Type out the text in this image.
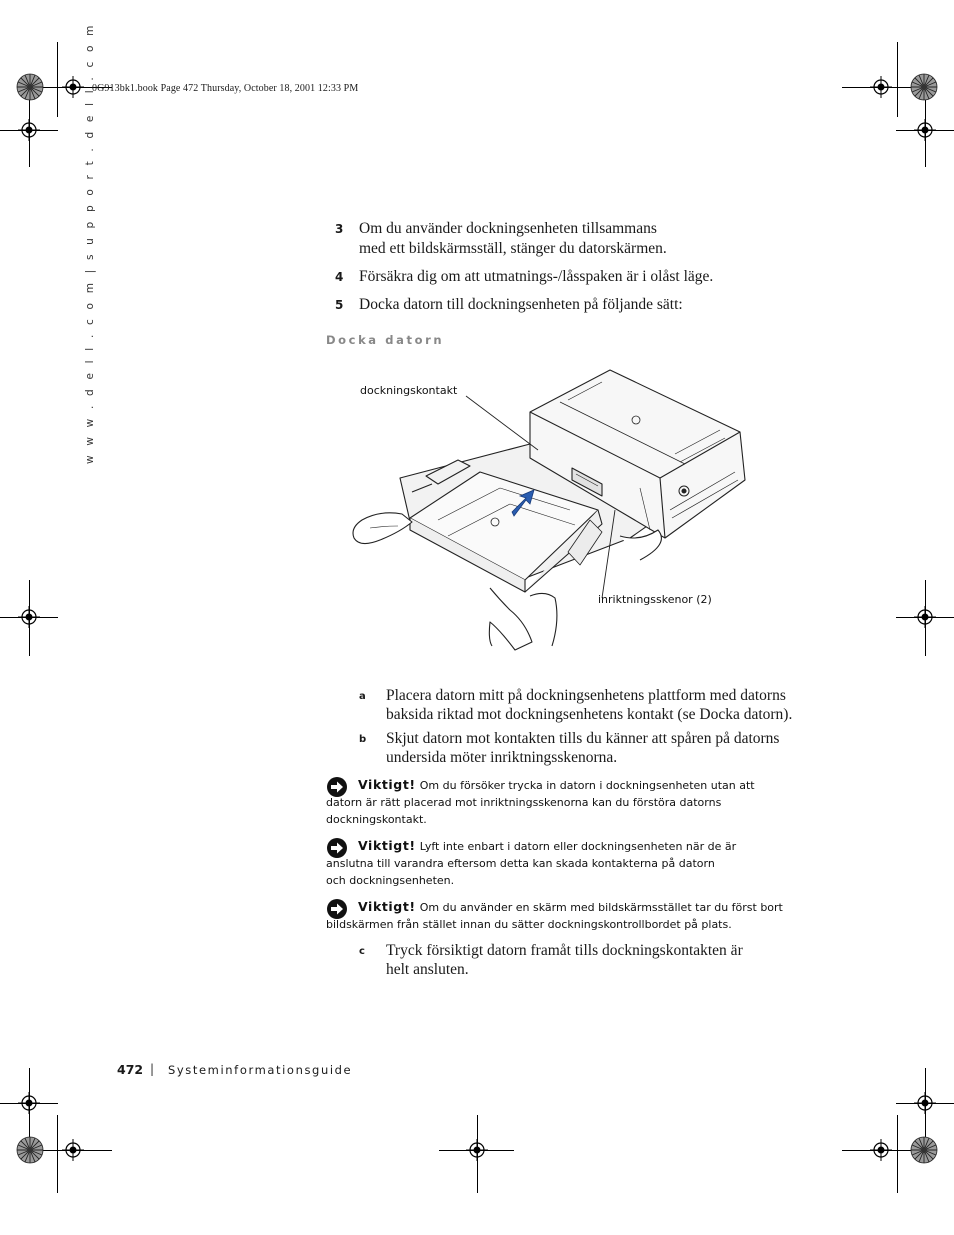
0G913bk1.book Page 472 Thursday, October 18, 2001 12:33 PM
w w w . d e l l . c o m | s u p p o r t . d e l l . c o m	3	Om du använder dockningsenheten tillsammans
med ett bildskärmsställ, stänger du datorskärmen.
4	Försäkra dig om att utmatnings-/låsspaken är i olåst läge.
5	Docka datorn till dockningsenheten på följande sätt:
Docka datorn
dockningskontakt
inriktningsskenor (2)
a Placera datorn mitt på dockningsenhetens plattform med datorns
baksida riktad mot dockningsenhetens kontakt (se Docka datorn).
b Skjut datorn mot kontakten tills du känner att spåren på datorns
undersida möter inriktningsskenorna.
Viktigt! Om du försöker trycka in datorn i dockningsenheten utan att
datorn är rätt placerad mot inriktningsskenorna kan du förstöra datorns
dockningskontakt.
Viktigt! Lyft inte enbart i datorn eller dockningsenheten när de är
anslutna till varandra eftersom detta kan skada kontakterna på datorn
och dockningsenheten.
Viktigt! Om du använder en skärm med bildskärmsstället tar du först bort
bildskärmen från stället innan du sätter dockningskontrollbordet på plats.
c Tryck försiktigt datorn framåt tills dockningskontakten är
helt ansluten.
472 | Systeminformationsguide
